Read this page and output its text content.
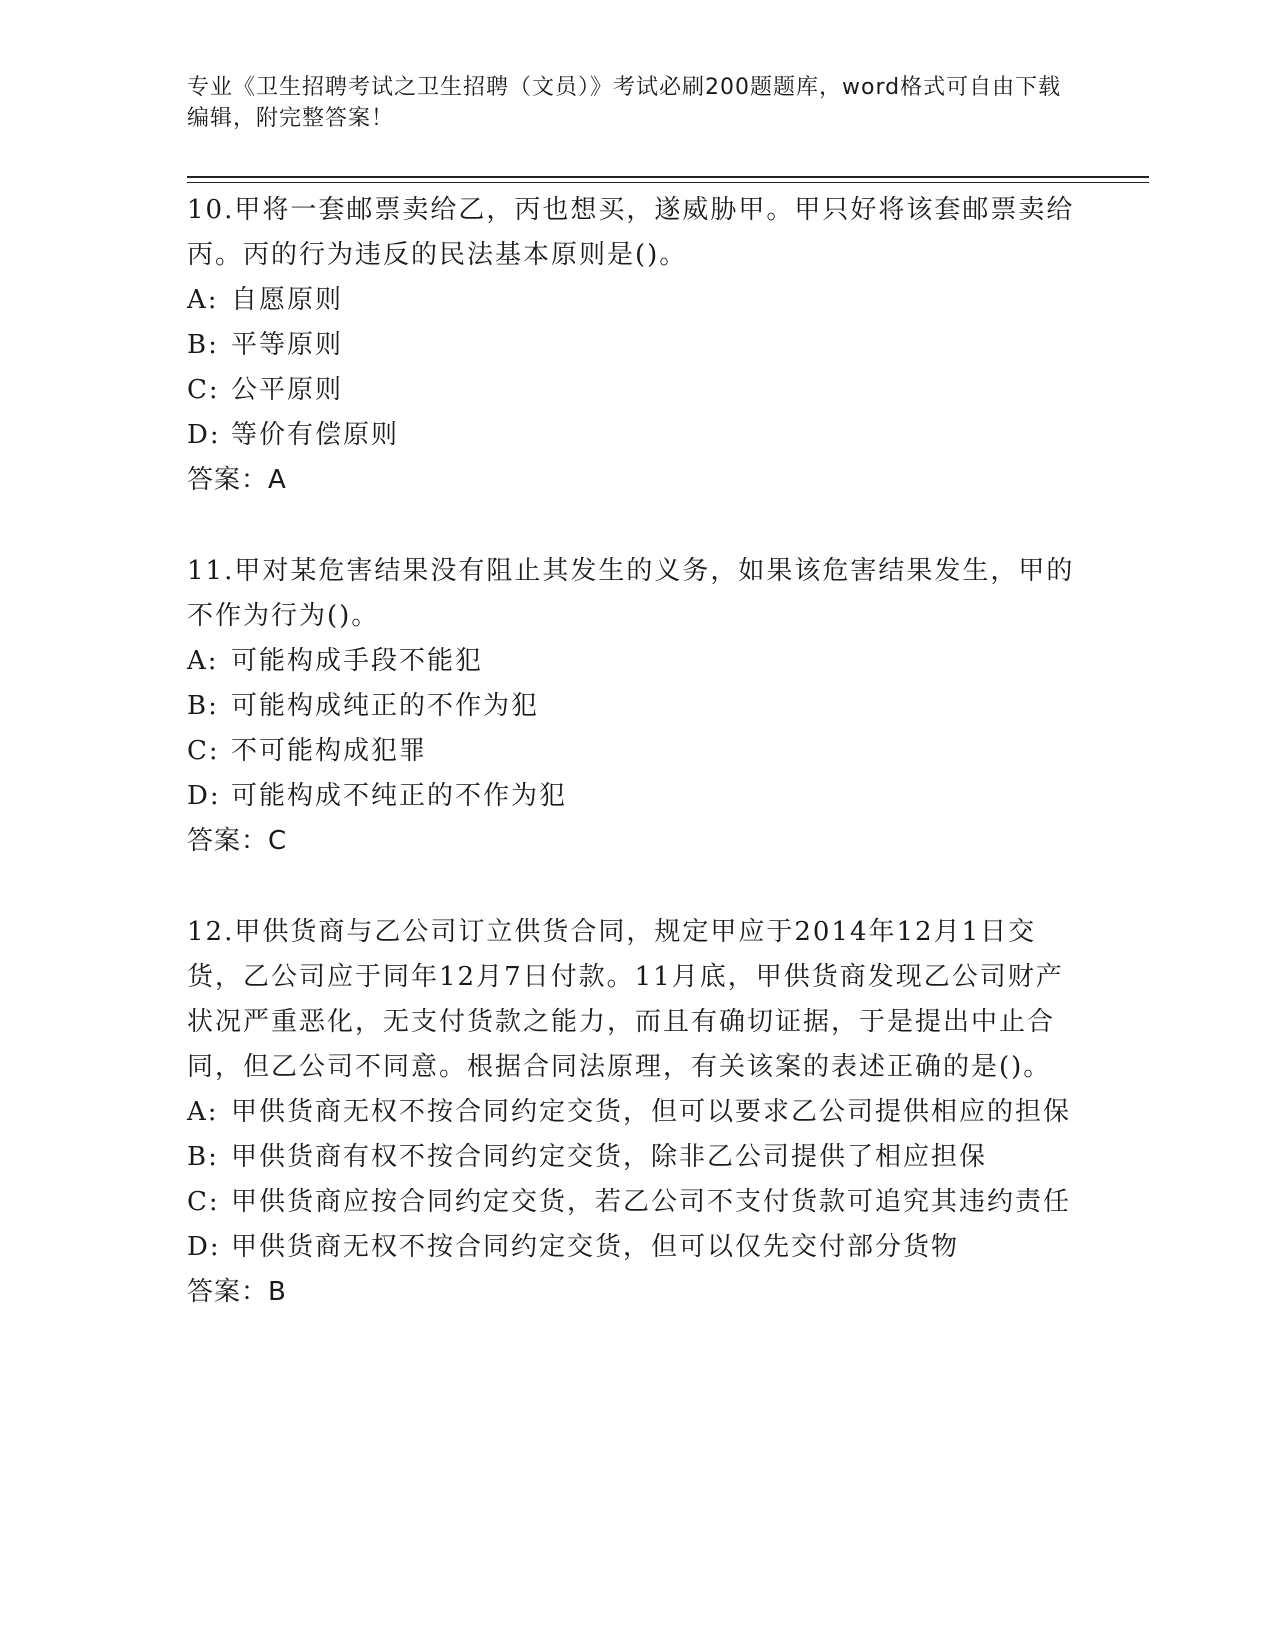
专业《卫生招聘考试之卫生招聘（文员）》考试必刷200题题库，word格式可自由下载编辑，附完整答案！

10.甲将一套邮票卖给乙，丙也想买，遂威胁甲。甲只好将该套邮票卖给丙。丙的行为违反的民法基本原则是()。

A: 自愿原则

B: 平等原则

C: 公平原则

D: 等价有偿原则

答案：A

11.甲对某危害结果没有阻止其发生的义务，如果该危害结果发生，甲的不作为行为()。

A: 可能构成手段不能犯

B: 可能构成纯正的不作为犯

C: 不可能构成犯罪

D: 可能构成不纯正的不作为犯

答案：C

12.甲供货商与乙公司订立供货合同，规定甲应于2014年12月1日交货，乙公司应于同年12月7日付款。11月底，甲供货商发现乙公司财产状况严重恶化，无支付货款之能力，而且有确切证据，于是提出中止合同，但乙公司不同意。根据合同法原理，有关该案的表述正确的是()。

A: 甲供货商无权不按合同约定交货，但可以要求乙公司提供相应的担保

B: 甲供货商有权不按合同约定交货，除非乙公司提供了相应担保

C: 甲供货商应按合同约定交货，若乙公司不支付货款可追究其违约责任

D: 甲供货商无权不按合同约定交货，但可以仅先交付部分货物

答案：B
